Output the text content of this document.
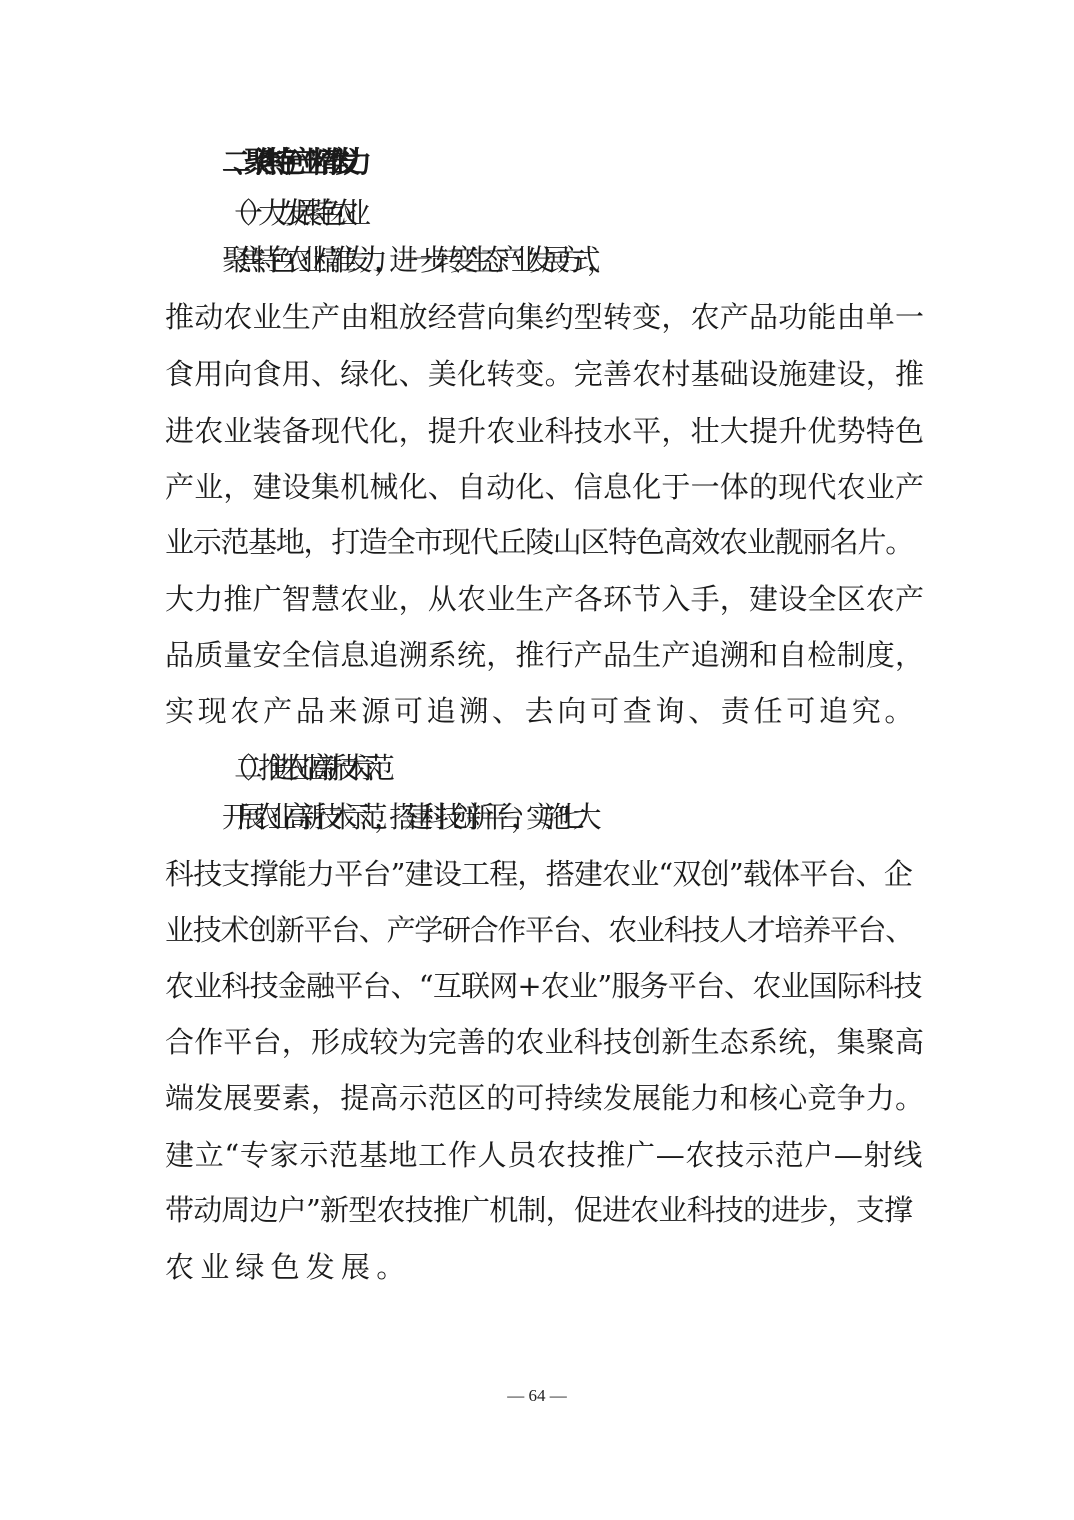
二、聚焦特色产业精准发力
（一）大力发展特色农业
聚焦特色农业精准发力，进一步转变生态产业发展方式，
推动农业生产由粗放经营向集约型转变，农产品功能由单一
食用向食用、绿化、美化转变。完善农村基础设施建设，推
进农业装备现代化，提升农业科技水平，壮大提升优势特色
产业，建设集机械化、自动化、信息化于一体的现代农业产
业示范基地，打造全市现代丘陵山区特色高效农业靓丽名片。
大力推广智慧农业，从农业生产各环节入手，建设全区农产
品质量安全信息追溯系统，推行产品生产追溯和自检制度，
实现农产品来源可追溯、去向可查询、责任可追究。
（二）推进农业高新技术示范
开展农业高新技术示范，搭建科技创新平台，实施“七大
科技支撑能力平台”建设工程，搭建农业“双创”载体平台、企
业技术创新平台、产学研合作平台、农业科技人才培养平台、
农业科技金融平台、“互联网+农业”服务平台、农业国际科技
合作平台，形成较为完善的农业科技创新生态系统，集聚高
端发展要素，提高示范区的可持续发展能力和核心竞争力。
建立“专家示范基地工作人员农技推广—农技示范户—射线
带动周边户”新型农技推广机制，促进农业科技的进步，支撑
农业绿色发展。
— 64 —
